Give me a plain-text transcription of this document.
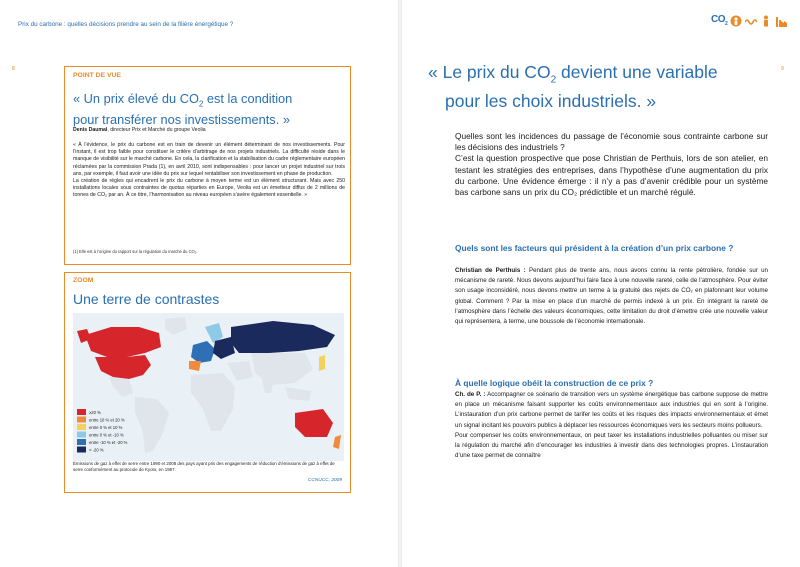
Prix du carbone : quelles décisions prendre au sein de la filière énergétique ?
8	9
$CO_2$
POINT DE VUE
« Un prix élevé du $CO_2$ est la condition
pour transférer nos investissements. »
Denis Daumal, directeur Prix et Marché du groupe Veolia

« À l’évidence, le prix du carbone est en train de devenir un élément déterminant de nos investissements. Pour l’instant, il est trop faible pour constituer le critère d’arbitrage de nos projets industriels. La difficulté réside dans le manque de visibilité sur le marché carbone. En cela, la clarification et la stabilisation du cadre réglementaire européen réclamées par la commission Prada (1), en avril 2010, sont indispensables : pour lancer un projet industriel sur trois ans, par exemple, il faut avoir une idée du prix sur lequel rentabiliser son investissement en phase de production.

La création de règles qui encadrent le prix du carbone à moyen terme est un élément structurant. Mais avec 250 installations locales sous contraintes de quotas réparties en Europe, Veolia est un émetteur diffus de 2 millions de tonnes de CO₂ par an. À ce titre, l’harmonisation au niveau européen s’avère également essentielle. »

(1) Elle est à l’origine du rapport sur la régulation du marché du CO₂.
ZOOM
Une terre de contrastes
≥20 %
entre 10 % et 20 %
entre 0 % et 10 %
entre 0 % et -10 %
entre -10 % et -20 %
< -20 %
Émissions de gaz à effet de serre entre 1990 et 2008 des pays ayant pris des engagements de réduction d’émissions de gaz à effet de serre conformément au protocole de Kyoto, en 1997.
CCNUCC, 2009
« Le prix du $CO_2$ devient une variable
pour les choix industriels. »

Quelles sont les incidences du passage de l’économie sous contrainte carbone sur les décisions des industriels ?

C’est la question prospective que pose Christian de Perthuis, lors de son atelier, en testant les stratégies des entreprises, dans l’hypothèse d’une augmentation du prix du carbone. Une évidence émerge : il n’y a pas d’avenir crédible pour un système bas carbone sans un prix du CO₂ prédictible et un marché régulé.

Quels sont les facteurs qui président à la création d’un prix carbone ?
Christian de Perthuis : Pendant plus de trente ans, nous avons connu la rente pétrolière, fondée sur un mécanisme de rareté. Nous devons aujourd’hui faire face à une nouvelle rareté, celle de l’atmosphère. Pour éviter son usage inconsidéré, nous devons mettre un terme à la gratuité des rejets de CO₂ en plafonnant leur volume global. Comment ? Par la mise en place d’un marché de permis indexé à un prix. En intégrant la rareté de l’atmosphère dans l’échelle des valeurs économiques, cette limitation du droit d’émettre crée une nouvelle valeur qui représentera, à terme, une boussole de l’économie internationale.
À quelle logique obéit la construction de ce prix ?
Ch. de P. : Accompagner ce scénario de transition vers un système énergétique bas carbone suppose de mettre en place un mécanisme faisant supporter les coûts environnementaux aux industries qui en sont à l’origine. L’instauration d’un prix carbone permet de tarifer les coûts et les risques des impacts environnementaux et émet un signal incitant les pouvoirs publics à déplacer les ressources économiques vers les secteurs moins pollueurs.
Pour compenser les coûts environnementaux, on peut taxer les installations industrielles polluantes ou miser sur la régulation du marché afin d’encourager les industries à investir dans des technologies propres. L’instauration d’une taxe permet de connaître
